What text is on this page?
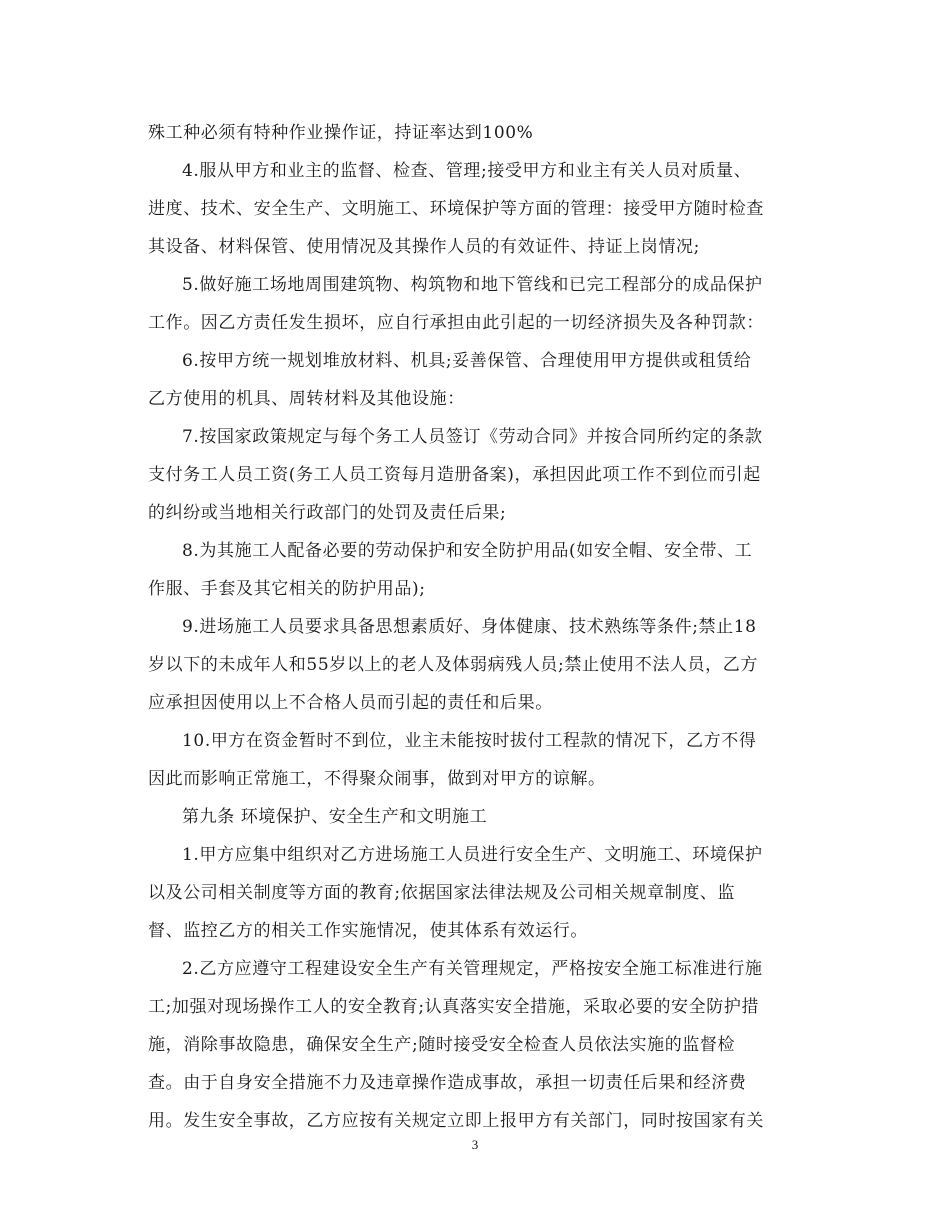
殊工种必须有特种作业操作证，持证率达到100%
4.服从甲方和业主的监督、检查、管理;接受甲方和业主有关人员对质量、
进度、技术、安全生产、文明施工、环境保护等方面的管理：接受甲方随时检查
其设备、材料保管、使用情况及其操作人员的有效证件、持证上岗情况;
5.做好施工场地周围建筑物、构筑物和地下管线和已完工程部分的成品保护
工作。因乙方责任发生损坏，应自行承担由此引起的一切经济损失及各种罚款：
6.按甲方统一规划堆放材料、机具;妥善保管、合理使用甲方提供或租赁给
乙方使用的机具、周转材料及其他设施：
7.按国家政策规定与每个务工人员签订《劳动合同》并按合同所约定的条款
支付务工人员工资(务工人员工资每月造册备案)，承担因此项工作不到位而引起
的纠纷或当地相关行政部门的处罚及责任后果;
8.为其施工人配备必要的劳动保护和安全防护用品(如安全帽、安全带、工
作服、手套及其它相关的防护用品);
9.进场施工人员要求具备思想素质好、身体健康、技术熟练等条件;禁止18
岁以下的未成年人和55岁以上的老人及体弱病残人员;禁止使用不法人员，乙方
应承担因使用以上不合格人员而引起的责任和后果。
10.甲方在资金暂时不到位，业主未能按时拔付工程款的情况下，乙方不得
因此而影响正常施工，不得聚众闹事，做到对甲方的谅解。
第九条 环境保护、安全生产和文明施工
1.甲方应集中组织对乙方进场施工人员进行安全生产、文明施工、环境保护
以及公司相关制度等方面的教育;依据国家法律法规及公司相关规章制度、监
督、监控乙方的相关工作实施情况，使其体系有效运行。
2.乙方应遵守工程建设安全生产有关管理规定，严格按安全施工标准进行施
工;加强对现场操作工人的安全教育;认真落实安全措施，采取必要的安全防护措
施，消除事故隐患，确保安全生产;随时接受安全检查人员依法实施的监督检
查。由于自身安全措施不力及违章操作造成事故，承担一切责任后果和经济费
用。发生安全事故，乙方应按有关规定立即上报甲方有关部门，同时按国家有关
3
